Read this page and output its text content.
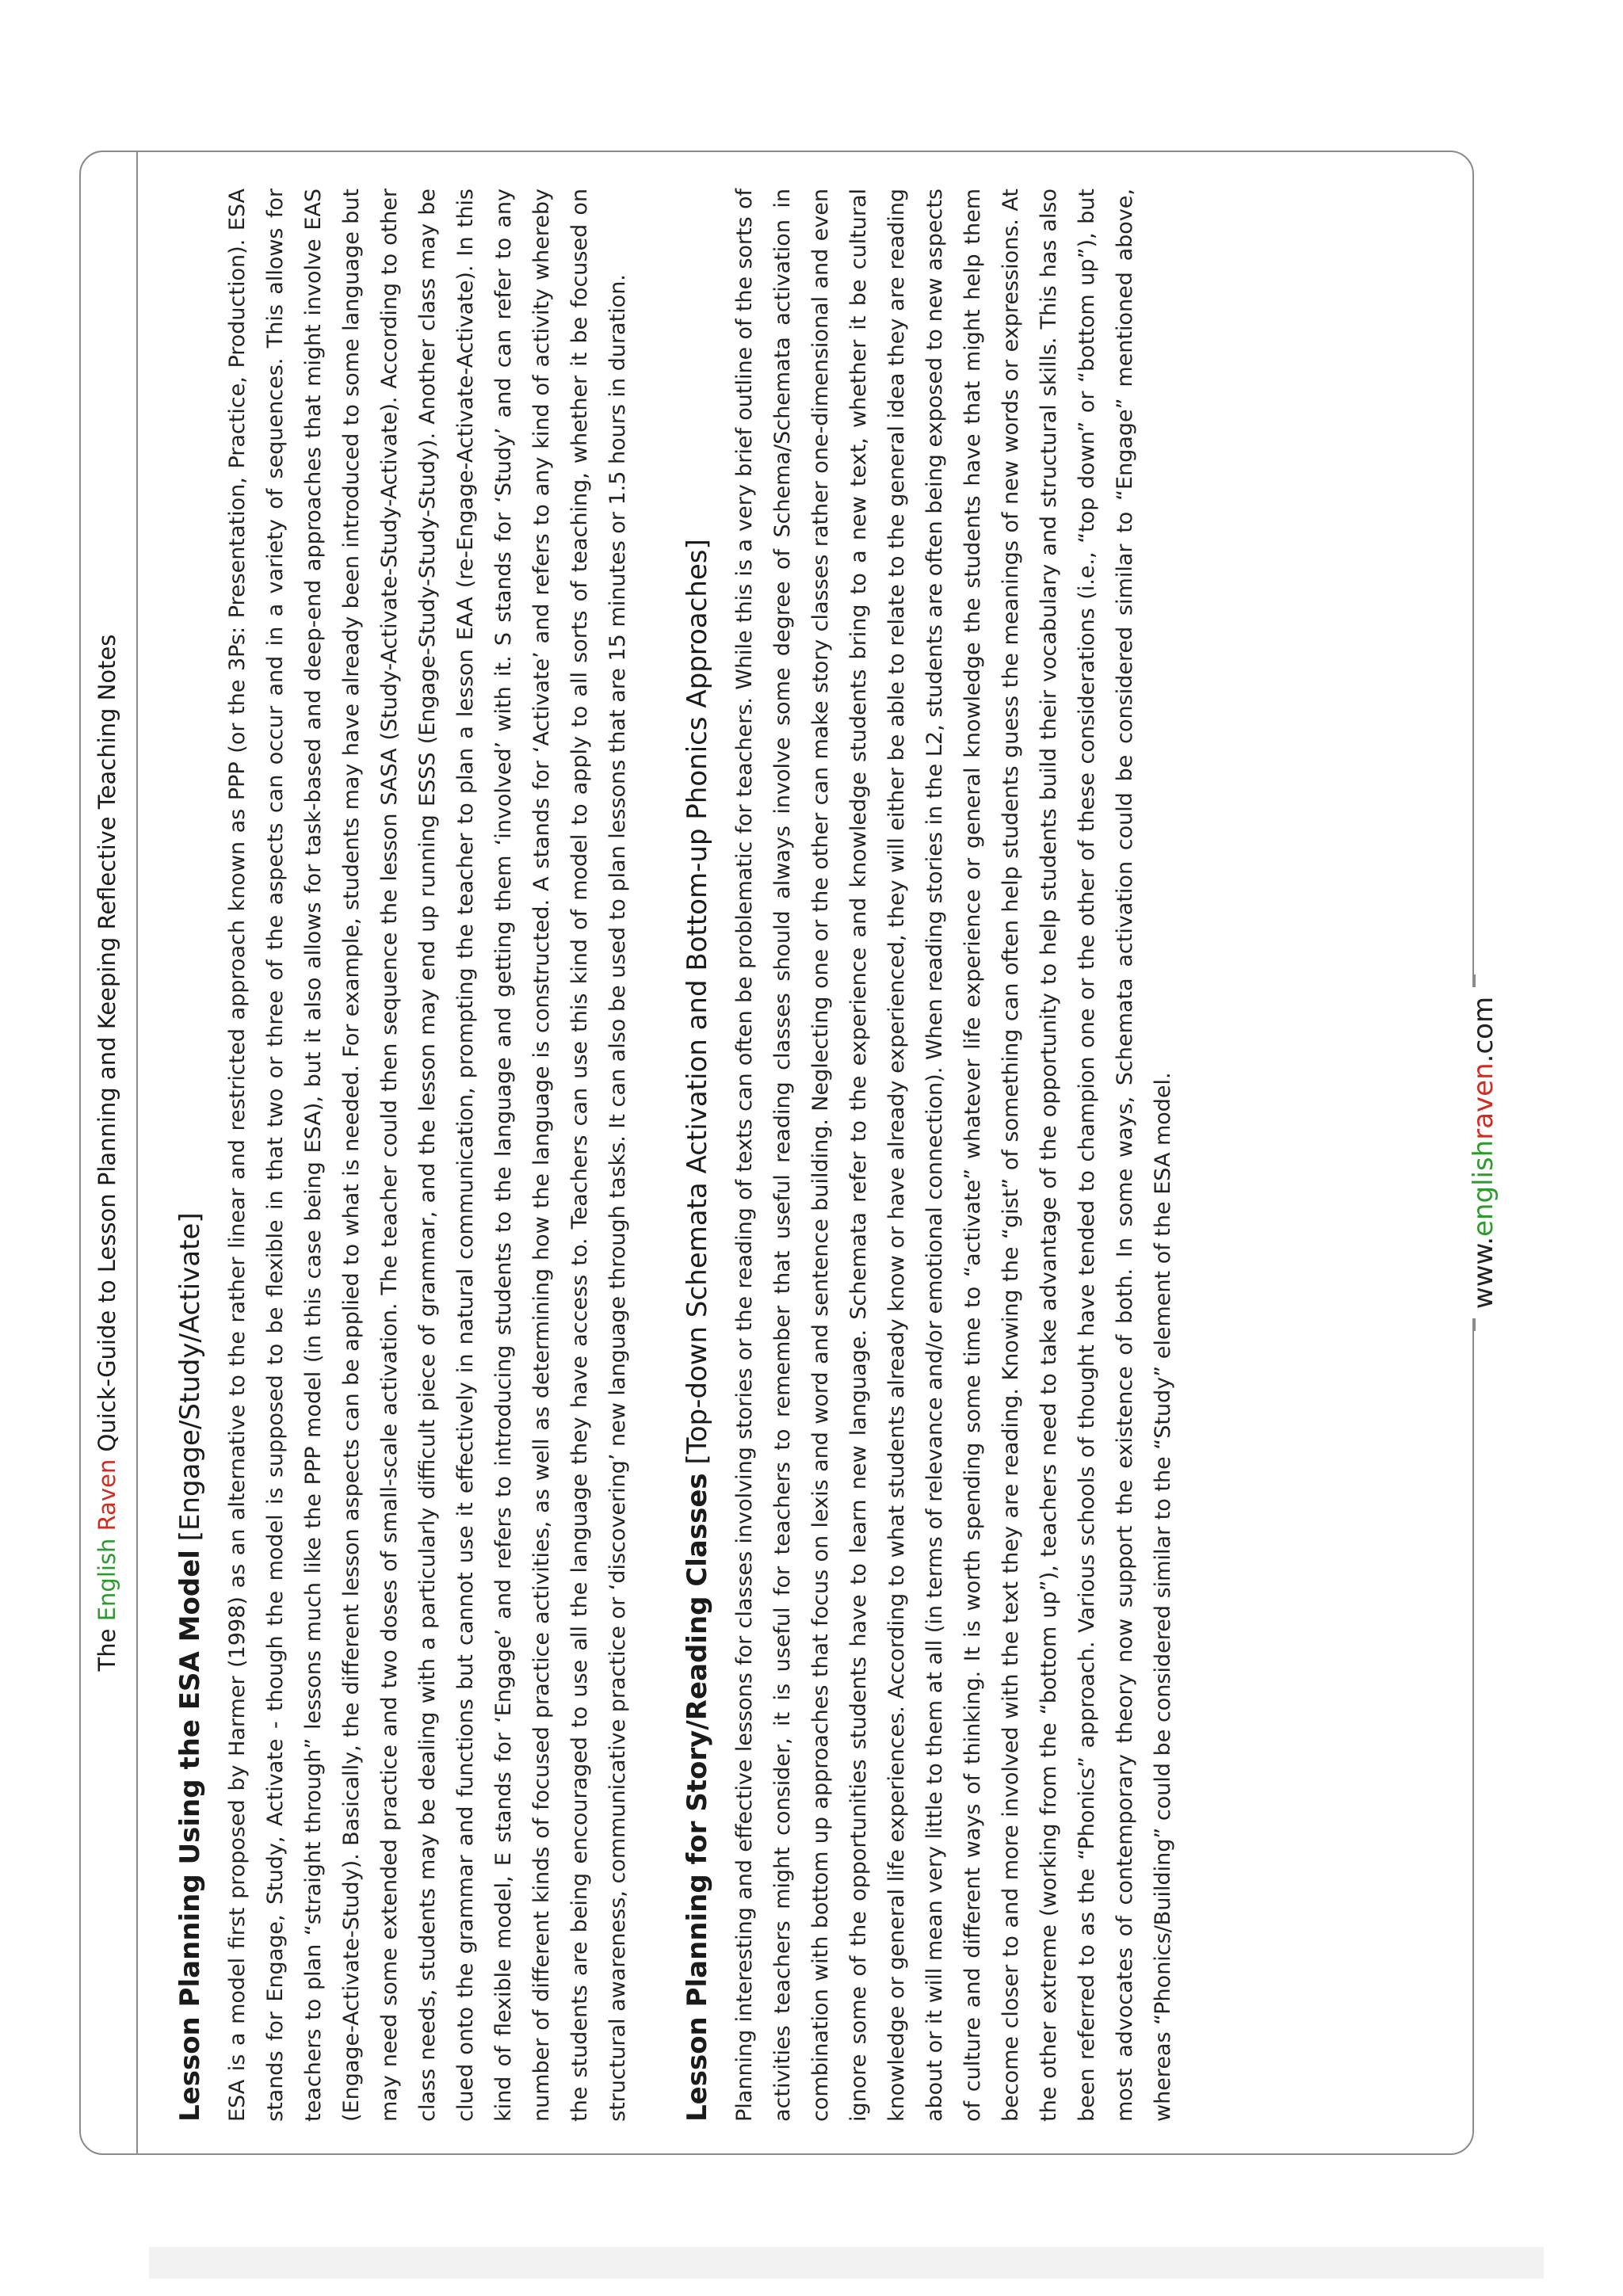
The English Raven Quick-Guide to Lesson Planning and Keeping Reflective Teaching Notes
Lesson Planning Using the ESA Model [Engage/Study/Activate] ESA is a model first proposed by Harmer (1998) as an alternative to the rather linear and restricted approach known as PPP (or the 3Ps: Presentation, Practice, Production). ESA stands for Engage, Study, Activate - though the model is supposed to be flexible in that two or three of the aspects can occur and in a variety of sequences. This allows for teachers to plan “straight through” lessons much like the PPP model (in this case being ESA), but it also allows for task-based and deep-end approaches that might involve EAS (Engage-Activate-Study). Basically, the different lesson aspects can be applied to what is needed. For example, students may have already been introduced to some language but may need some extended practice and two doses of small-scale activation. The teacher could then sequence the lesson SASA (Study-Activate-Study-Activate). According to other class needs, students may be dealing with a particularly difficult piece of grammar, and the lesson may end up running ESSS (Engage-Study-Study-Study). Another class may be clued onto the grammar and functions but cannot use it effectively in natural communication, prompting the teacher to plan a lesson EAA (re-Engage-Activate-Activate). In this kind of flexible model, E stands for ‘Engage’ and refers to introducing students to the language and getting them ‘involved’ with it. S stands for ‘Study’ and can refer to any number of different kinds of focused practice activities, as well as determining how the language is constructed. A stands for ‘Activate’ and refers to any kind of activity whereby the students are being encouraged to use all the language they have access to. Teachers can use this kind of model to apply to all sorts of teaching, whether it be focused on structural awareness, communicative practice or ‘discovering’ new language through tasks. It can also be used to plan lessons that are 15 minutes or 1.5 hours in duration. Lesson Planning for Story/Reading Classes [Top-down Schemata Activation and Bottom-up Phonics Approaches] Planning interesting and effective lessons for classes involving stories or the reading of texts can often be problematic for teachers. While this is a very brief outline of the sorts of activities teachers might consider, it is useful for teachers to remember that useful reading classes should always involve some degree of Schema/Schemata activation in combination with bottom up approaches that focus on lexis and word and sentence building. Neglecting one or the other can make story classes rather one-dimensional and even ignore some of the opportunities students have to learn new language. Schemata refer to the experience and knowledge students bring to a new text, whether it be cultural knowledge or general life experiences. According to what students already know or have already experienced, they will either be able to relate to the general idea they are reading about or it will mean very little to them at all (in terms of relevance and/or emotional connection). When reading stories in the L2, students are often being exposed to new aspects of culture and different ways of thinking. It is worth spending some time to “activate” whatever life experience or general knowledge the students have that might help them become closer to and more involved with the text they are reading. Knowing the “gist” of something can often help students guess the meanings of new words or expressions. At the other extreme (working from the “bottom up”), teachers need to take advantage of the opportunity to help students build their vocabulary and structural skills. This has also been referred to as the “Phonics” approach. Various schools of thought have tended to champion one or the other of these considerations (i.e., “top down” or “bottom up”), but most advocates of contemporary theory now support the existence of both. In some ways, Schemata activation could be considered similar to “Engage” mentioned above, whereas “Phonics/Building” could be considered similar to the “Study” element of the ESA model.	www.englishraven.com
